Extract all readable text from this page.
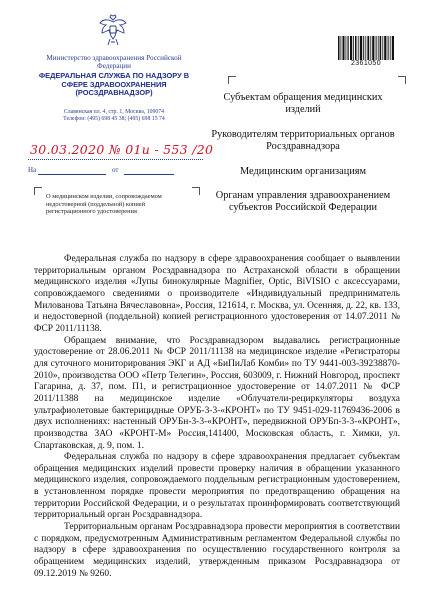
Министерство здравоохранения Российской Федерации
ФЕДЕРАЛЬНАЯ СЛУЖБА ПО НАДЗОРУ В СФЕРЕ ЗДРАВООХРАНЕНИЯ (РОСЗДРАВНАДЗОР)
Славянская пл. 4, стр. 1, Москва, 109074
Телефон: (495) 698 45 38; (495) 698 15 74
30.03.2020 № 01и - 553 /20
На	от
О медицинском изделии, сопровождаемом недостоверной (поддельной) копией регистрационного удостоверения
2361050
Субъектам обращения медицинских изделий
Руководителям территориальных органов Росздравнадзора
Медицинским организациям
Органам управления здравоохранением субъектов Российской Федерации

Федеральная служба по надзору в сфере здравоохранения сообщает о выявлении территориальным органом Росздравнадзора по Астраханской области в обращении медицинского изделия «Лупы бинокулярные Magnifier, Optic, BiVISIO с аксессуарами, сопровождаемого сведениями о производителе «Индивидуальный предприниматель Милованова Татьяна Вячеславовна», Россия, 121614, г. Москва, ул. Осенняя, д. 22, кв. 133, и недостоверной (поддельной) копией регистрационного удостоверения от 14.07.2011 № ФСР 2011/11138.

Обращаем внимание, что Росздравнадзором выдавались регистрационные удостоверение от 28.06.2011 № ФСР 2011/11138 на медицинское изделие «Регистраторы для суточного мониторирования ЭКГ и АД «БиПиЛаб Комби» по ТУ 9441-003-39238870-2010», производства ООО «Петр Телегин», Россия, 603009, г. Нижний Новгород, проспект Гагарина, д. 37, пом. П1, и регистрационное удостоверение от 14.07.2011 № ФСР 2011/11388 на медицинское изделие «Облучатели-рециркуляторы воздуха ультрафиолетовые бактерицидные ОРУБ-3-3-«КРОНТ» по ТУ 9451-029-11769436-2006 в двух исполнениях: настенный ОРУБн-3-3-«КРОНТ», передвижной ОРУБп-3-3-«КРОНТ», производства ЗАО «КРОНТ-М» Россия,141400, Московская область, г. Химки, ул. Спартаковская, д. 9, пом. 1.

Федеральная служба по надзору в сфере здравоохранения предлагает субъектам обращения медицинских изделий провести проверку наличия в обращении указанного медицинского изделия, сопровождаемого поддельным регистрационным удостоверением, в установленном порядке провести мероприятия по предотвращению обращения на территории Российской Федерации, и о результатах проинформировать соответствующий территориальный орган Росздравнадзора.

Территориальным органам Росздравнадзора провести мероприятия в соответствии с порядком, предусмотренным Административным регламентом Федеральной службы по надзору в сфере здравоохранения по осуществлению государственного контроля за обращением медицинских изделий, утвержденным приказом Росздравнадзора от 09.12.2019 № 9260.
